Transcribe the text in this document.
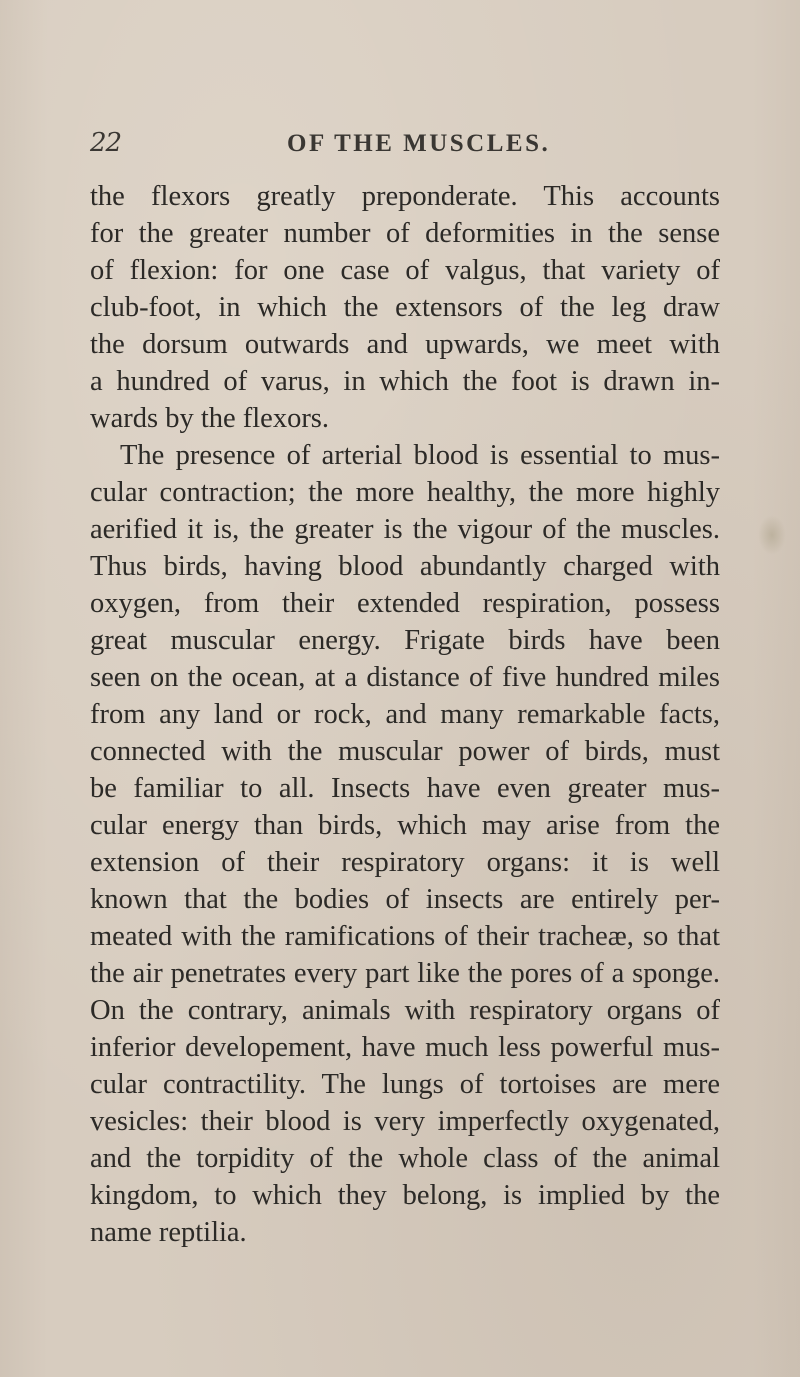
22	OF THE MUSCLES.
the flexors greatly preponderate. This accounts
for the greater number of deformities in the sense
of flexion: for one case of valgus, that variety of
club-foot, in which the extensors of the leg draw
the dorsum outwards and upwards, we meet with
a hundred of varus, in which the foot is drawn in-
wards by the flexors.
The presence of arterial blood is essential to mus-
cular contraction; the more healthy, the more highly
aerified it is, the greater is the vigour of the muscles.
Thus birds, having blood abundantly charged with
oxygen, from their extended respiration, possess
great muscular energy. Frigate birds have been
seen on the ocean, at a distance of five hundred miles
from any land or rock, and many remarkable facts,
connected with the muscular power of birds, must
be familiar to all. Insects have even greater mus-
cular energy than birds, which may arise from the
extension of their respiratory organs: it is well
known that the bodies of insects are entirely per-
meated with the ramifications of their tracheæ, so that
the air penetrates every part like the pores of a sponge.
On the contrary, animals with respiratory organs of
inferior developement, have much less powerful mus-
cular contractility. The lungs of tortoises are mere
vesicles: their blood is very imperfectly oxygenated,
and the torpidity of the whole class of the animal
kingdom, to which they belong, is implied by the
name reptilia.
